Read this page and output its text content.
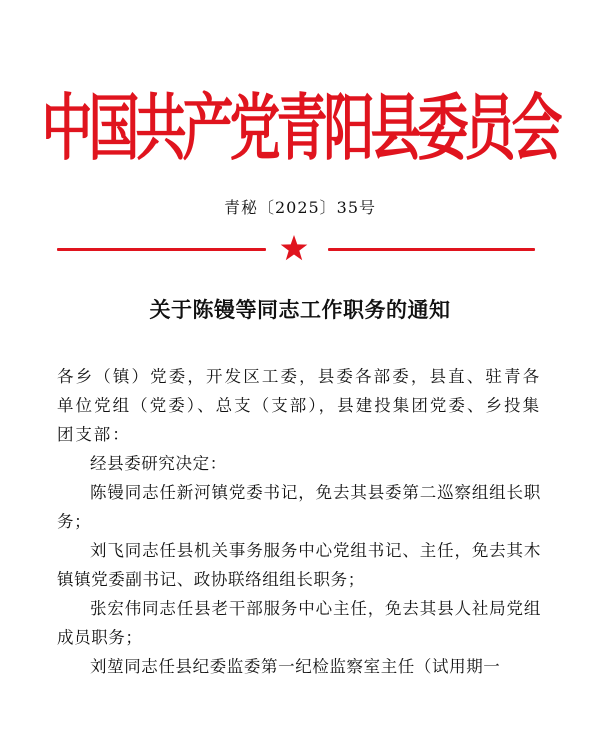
中国共产党青阳县委员会
青秘〔2025〕35号
关于陈镘等同志工作职务的通知

各乡（镇）党委，开发区工委，县委各部委，县直、驻青各单位党组（党委）、总支（支部），县建投集团党委、乡投集团支部：

经县委研究决定：

陈镘同志任新河镇党委书记，免去其县委第二巡察组组长职务；

刘飞同志任县机关事务服务中心党组书记、主任，免去其木镇镇党委副书记、政协联络组组长职务；

张宏伟同志任县老干部服务中心主任，免去其县人社局党组成员职务；

刘堃同志任县纪委监委第一纪检监察室主任（试用期一
